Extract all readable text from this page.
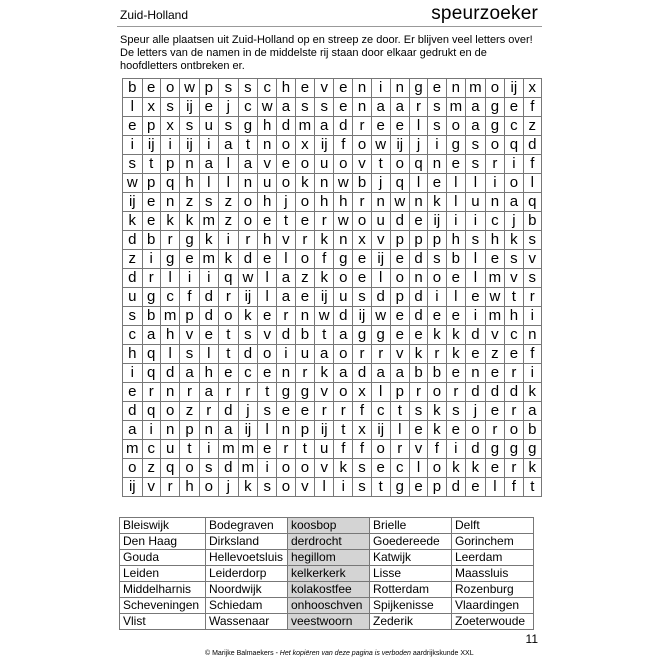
Zuid-Holland	speurzoeker
Speur alle plaatsen uit Zuid-Holland op en streep ze door. Er blijven veel letters over!
De letters van de namen in de middelste rij staan door elkaar gedrukt en de
hoofdletters ontbreken er.
b	e	o	w	p	s	s	c	h	e	v	e	n	i	n	g	e	n	m	o	ij	x
l	x	s	ij	e	j	c	w	a	s	s	e	n	a	a	r	s	m	a	g	e	f
e	p	x	s	u	s	g	h	d	m	a	d	r	e	e	l	s	o	a	g	c	z
i	ij	i	ij	i	a	t	n	o	x	ij	f	o	w	ij	j	i	g	s	o	q	d
s	t	p	n	a	l	a	v	e	o	u	o	v	t	o	q	n	e	s	r	i	f
w	p	q	h	l	l	n	u	o	k	n	w	b	j	q	l	e	l	l	i	o	l
ij	e	n	z	s	z	o	h	j	o	h	h	r	n	w	n	k	l	u	n	a	q
k	e	k	k	m	z	o	e	t	e	r	w	o	u	d	e	ij	i	i	c	j	b
d	b	r	g	k	i	r	h	v	r	k	n	x	v	p	p	p	h	s	h	k	s
z	i	g	e	m	k	d	e	l	o	f	g	e	ij	e	d	s	b	l	e	s	v
d	r	l	i	i	q	w	l	a	z	k	o	e	l	o	n	o	e	l	m	v	s
u	g	c	f	d	r	ij	l	a	e	ij	u	s	d	p	d	i	l	e	w	t	r
s	b	m	p	d	o	k	e	r	n	w	d	ij	w	e	d	e	e	i	m	h	i
c	a	h	v	e	t	s	v	d	b	t	a	g	g	e	e	k	k	d	v	c	n
h	q	l	s	l	t	d	o	i	u	a	o	r	r	v	k	r	k	e	z	e	f
i	q	d	a	h	e	c	e	n	r	k	a	d	a	a	b	b	e	n	e	r	i
e	r	n	r	a	r	r	t	g	g	v	o	x	l	p	r	o	r	d	d	d	k
d	q	o	z	r	d	j	s	e	e	r	r	f	c	t	s	k	s	j	e	r	a
a	i	n	p	n	a	ij	l	n	p	ij	t	x	ij	l	e	k	e	o	r	o	b
m	c	u	t	i	m	m	e	r	t	u	f	f	o	r	v	f	i	d	g	g	g
o	z	q	o	s	d	m	i	o	o	v	k	s	e	c	l	o	k	k	e	r	k
ij	v	r	h	o	j	k	s	o	v	l	i	s	t	g	e	p	d	e	l	f	t
Bleiswijk	Bodegraven	koosbop	Brielle	Delft
Den Haag	Dirksland	derdrocht	Goedereede	Gorinchem
Gouda	Hellevoetsluis	hegillom	Katwijk	Leerdam
Leiden	Leiderdorp	kelkerkerk	Lisse	Maassluis
Middelharnis	Noordwijk	kolakostfee	Rotterdam	Rozenburg
Scheveningen	Schiedam	onhooschven	Spijkenisse	Vlaardingen
Vlist	Wassenaar	veestwoorn	Zederik	Zoeterwoude
11
© Marijke Balmaekers - Het kopiëren van deze pagina is verboden aardrijkskunde XXL
